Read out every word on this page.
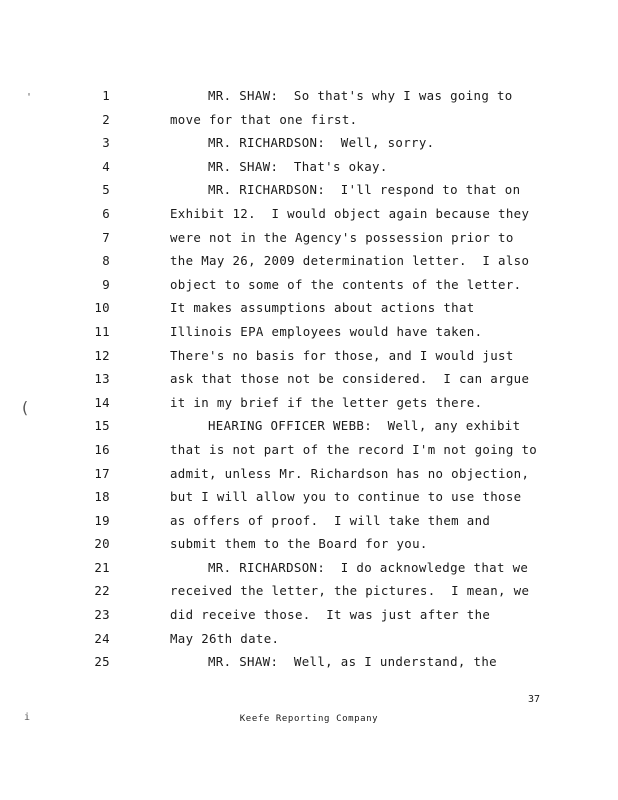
'
(
i
1	MR. SHAW:  So that's why I was going to
2	move for that one first.
3	MR. RICHARDSON:  Well, sorry.
4	MR. SHAW:  That's okay.
5	MR. RICHARDSON:  I'll respond to that on
6	Exhibit 12.  I would object again because they
7	were not in the Agency's possession prior to
8	the May 26, 2009 determination letter.  I also
9	object to some of the contents of the letter.
10	It makes assumptions about actions that
11	Illinois EPA employees would have taken.
12	There's no basis for those, and I would just
13	ask that those not be considered.  I can argue
14	it in my brief if the letter gets there.
15	HEARING OFFICER WEBB:  Well, any exhibit
16	that is not part of the record I'm not going to
17	admit, unless Mr. Richardson has no objection,
18	but I will allow you to continue to use those
19	as offers of proof.  I will take them and
20	submit them to the Board for you.
21	MR. RICHARDSON:  I do acknowledge that we
22	received the letter, the pictures.  I mean, we
23	did receive those.  It was just after the
24	May 26th date.
25	MR. SHAW:  Well, as I understand, the
37
Keefe Reporting Company
